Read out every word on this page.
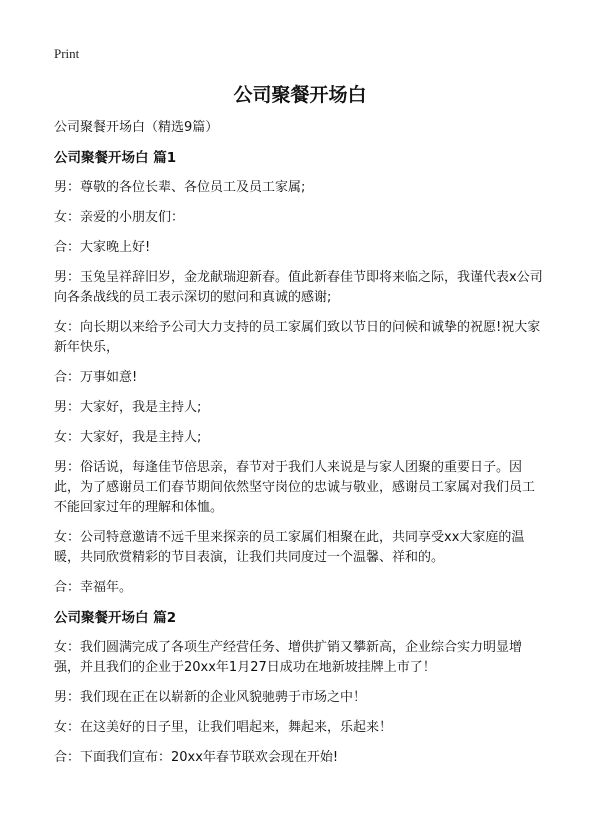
Print
公司聚餐开场白

公司聚餐开场白（精选9篇）

公司聚餐开场白 篇1

男：尊敬的各位长辈、各位员工及员工家属;

女：亲爱的小朋友们：

合：大家晚上好!

男：玉兔呈祥辞旧岁，金龙献瑞迎新春。值此新春佳节即将来临之际，我谨代表x公司向各条战线的员工表示深切的慰问和真诚的感谢;

女：向长期以来给予公司大力支持的员工家属们致以节日的问候和诚挚的祝愿!祝大家新年快乐，

合：万事如意!

男：大家好，我是主持人;

女：大家好，我是主持人;

男：俗话说，每逢佳节倍思亲，春节对于我们人来说是与家人团聚的重要日子。因此，为了感谢员工们春节期间依然坚守岗位的忠诚与敬业，感谢员工家属对我们员工不能回家过年的理解和体恤。

女：公司特意邀请不远千里来探亲的员工家属们相聚在此，共同享受xx大家庭的温暖，共同欣赏精彩的节目表演，让我们共同度过一个温馨、祥和的。

合：幸福年。

公司聚餐开场白 篇2

女：我们圆满完成了各项生产经营任务、增供扩销又攀新高，企业综合实力明显增强，并且我们的企业于20xx年1月27日成功在地新坡挂牌上市了！

男：我们现在正在以崭新的企业风貌驰骋于市场之中！

女：在这美好的日子里，让我们唱起来，舞起来，乐起来！

合：下面我们宣布：20xx年春节联欢会现在开始!
